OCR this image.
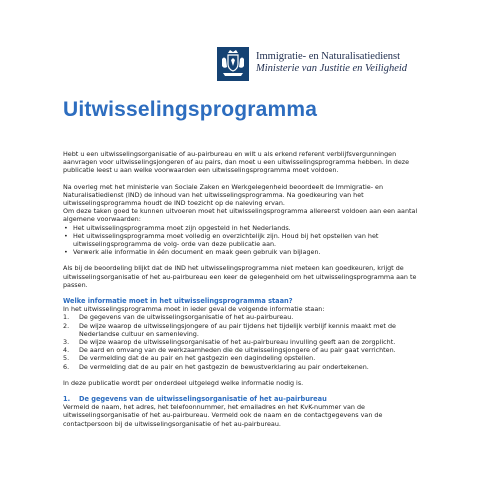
Immigratie- en Naturalisatiedienst
Ministerie van Justitie en Veiligheid
Uitwisselingsprogramma

Hebt u een uitwisselingsorganisatie of au-pairbureau en wilt u als erkend referent verblijfsvergunningen aanvragen voor uitwisselingsjongeren of au pairs, dan moet u een uitwisselingsprogramma hebben. In deze publicatie leest u aan welke voorwaarden een uitwisselingsprogramma moet voldoen.

Na overleg met het ministerie van Sociale Zaken en Werkgelegenheid beoordeelt de Immigratie- en Naturalisatiedienst (IND) de inhoud van het uitwisselingsprogramma. Na goedkeuring van het uitwisselingsprogramma houdt de IND toezicht op de naleving ervan.

Om deze taken goed te kunnen uitvoeren moet het uitwisselingsprogramma allereerst voldoen aan een aantal algemene voorwaarden:

• Het uitwisselingsprogramma moet zijn opgesteld in het Nederlands.
• Het uitwisselingsprogramma moet volledig en overzichtelijk zijn. Houd bij het opstellen van het uitwisselingsprogramma de volg- orde van deze publicatie aan.
• Verwerk alle informatie in één document en maak geen gebruik van bijlagen.

Als bij de beoordeling blijkt dat de IND het uitwisselingsprogramma niet meteen kan goedkeuren, krijgt de uitwisselingsorganisatie of het au-pairbureau een keer de gelegenheid om het uitwisselingsprogramma aan te passen.

Welke informatie moet in het uitwisselingsprogramma staan?

In het uitwisselingsprogramma moet in ieder geval de volgende informatie staan:

1. De gegevens van de uitwisselingsorganisatie of het au-pairbureau.
2. De wijze waarop de uitwisselingsjongere of au pair tijdens het tijdelijk verblijf kennis maakt met de Nederlandse cultuur en samenleving.
3. De wijze waarop de uitwisselingsorganisatie of het au-pairbureau invulling geeft aan de zorgplicht.
4. De aard en omvang van de werkzaamheden die de uitwisselingsjongere of au pair gaat verrichten.
5. De vermelding dat de au pair en het gastgezin een dagindeling opstellen.
6. De vermelding dat de au pair en het gastgezin de bewustverklaring au pair ondertekenen.

In deze publicatie wordt per onderdeel uitgelegd welke informatie nodig is.

1. De gegevens van de uitwisselingsorganisatie of het au-pairbureau

Vermeld de naam, het adres, het telefoonnummer, het emailadres en het KvK-nummer van de uitwisselingsorganisatie of het au-pairbureau. Vermeld ook de naam en de contactgegevens van de contactpersoon bij de uitwisselingsorganisatie of het au-pairbureau.
